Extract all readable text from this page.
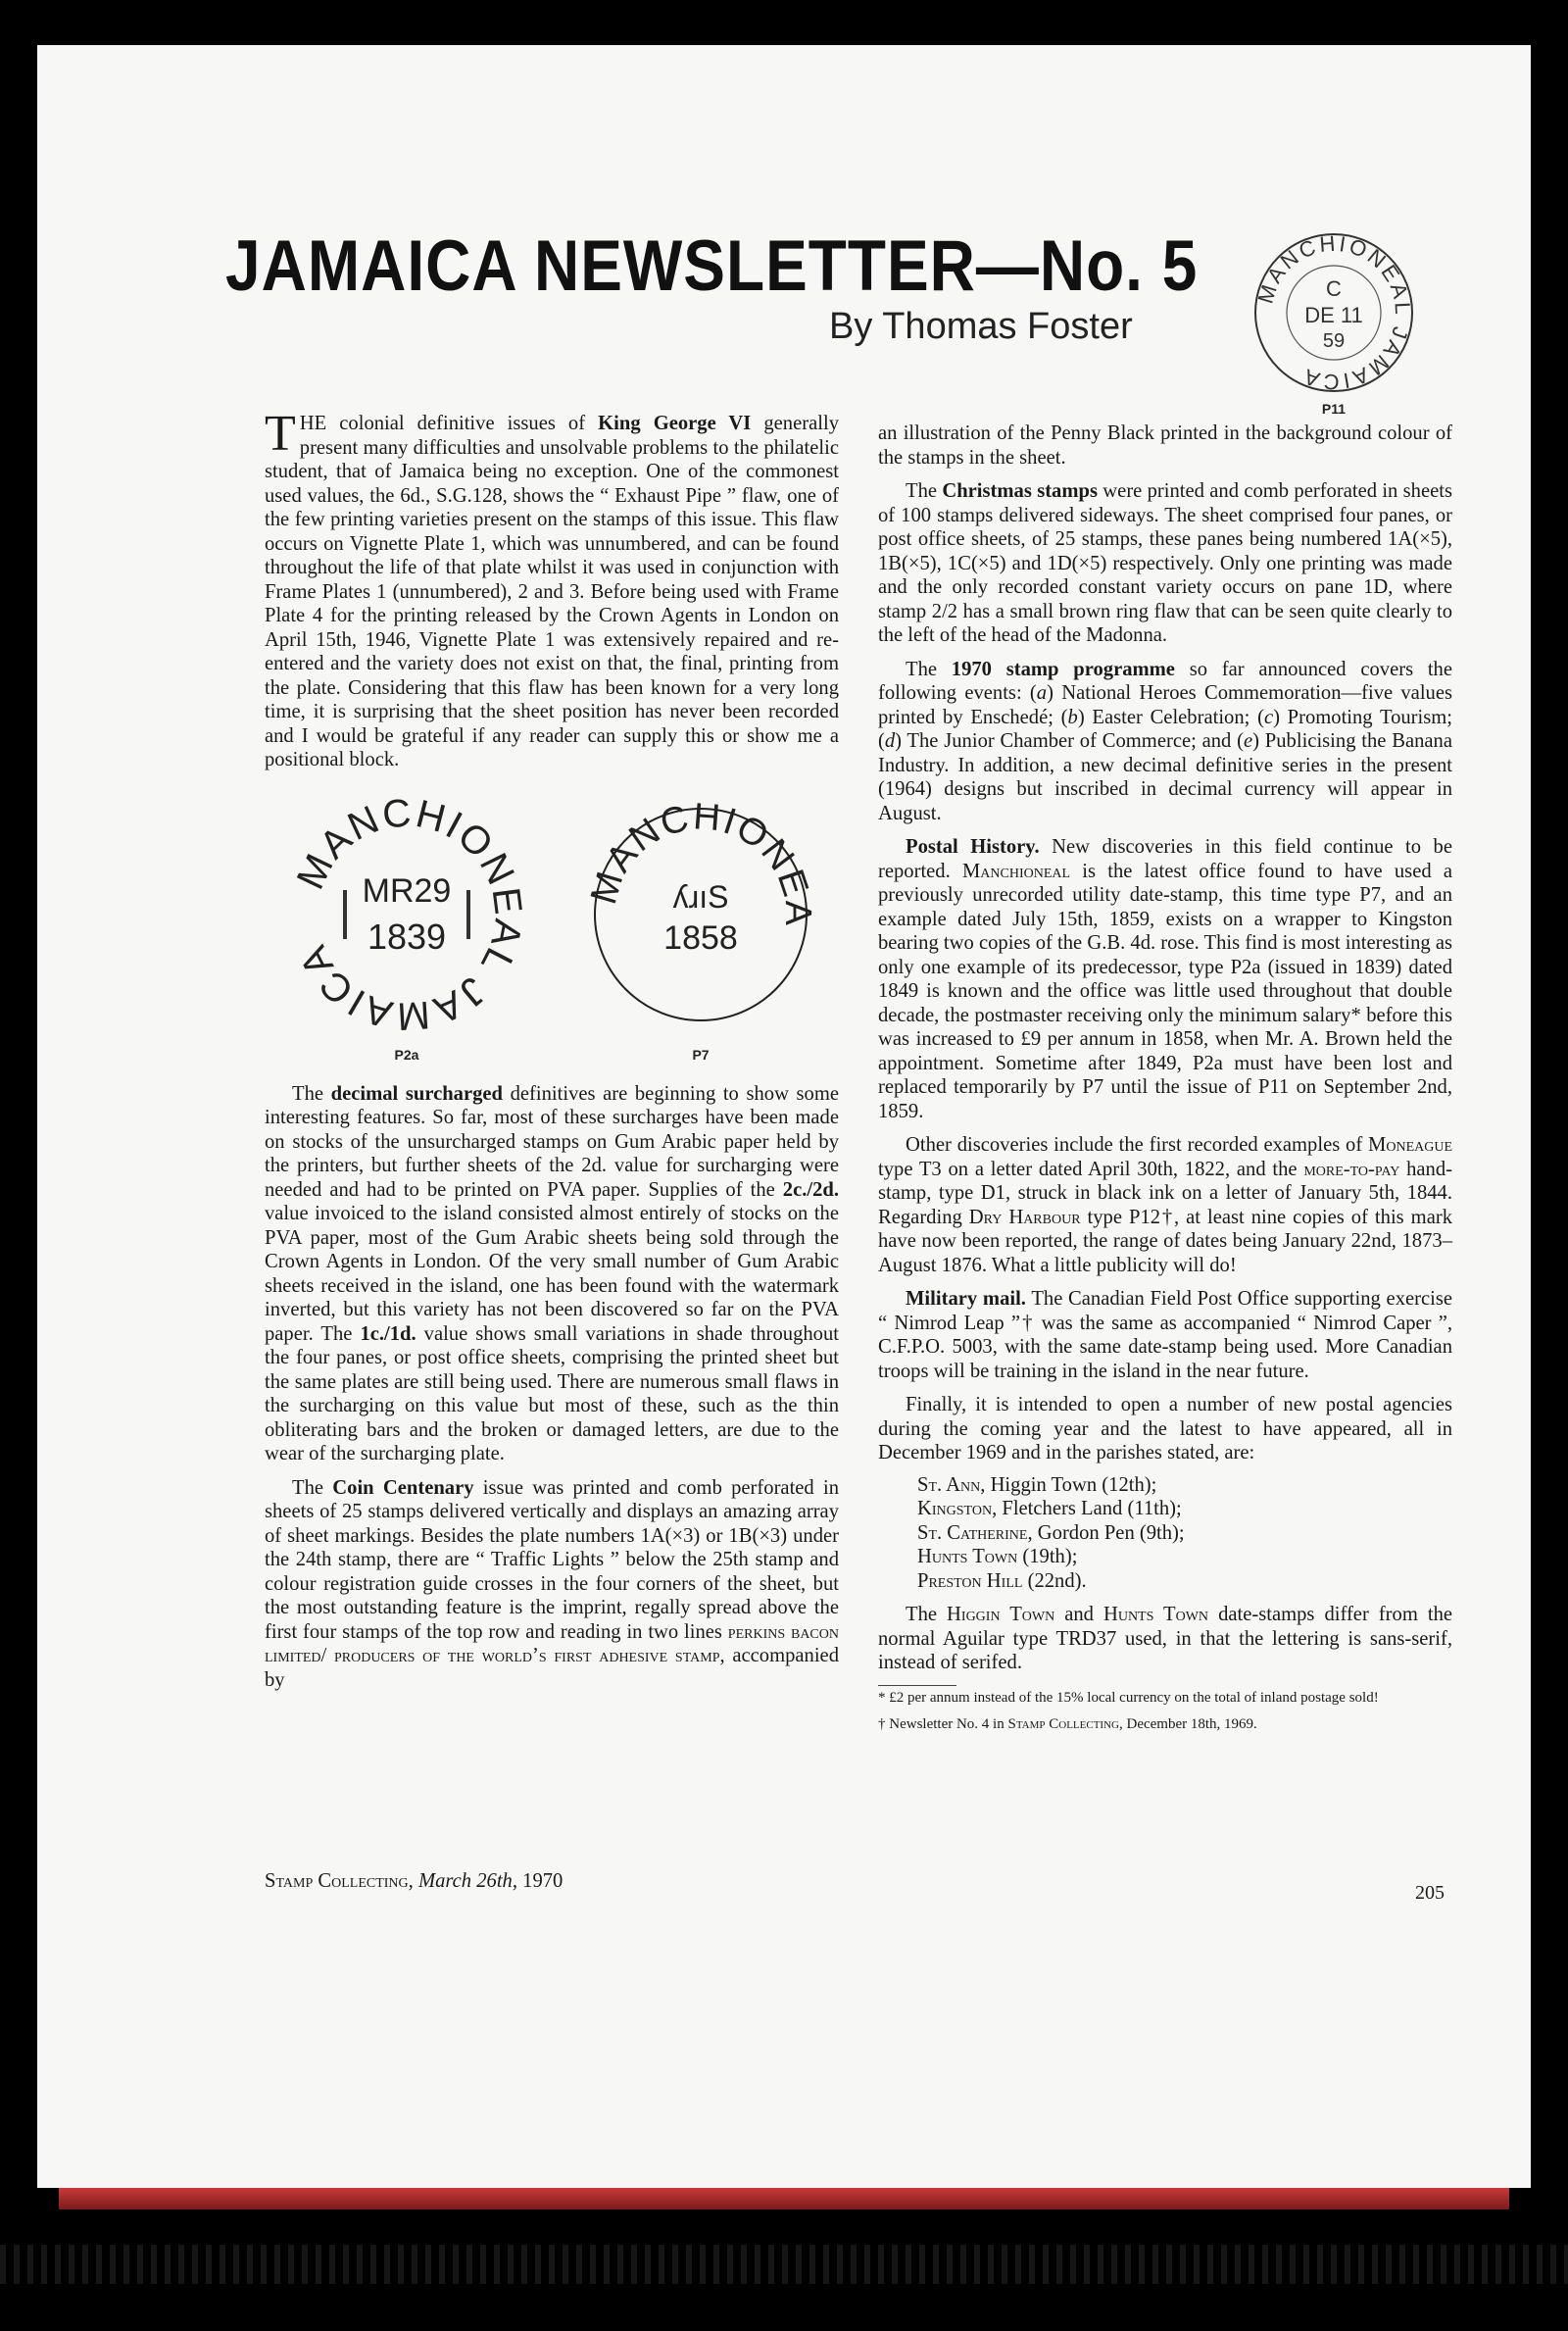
JAMAICA NEWSLETTER—No. 5
By Thomas Foster
MANCHIONEAL JAMAICA
C
DE 11
59
P11

THE colonial definitive issues of King George VI generally present many difficulties and unsolvable problems to the philatelic student, that of Jamaica being no exception. One of the commonest used values, the 6d., S.G.128, shows the “ Exhaust Pipe ” flaw, one of the few printing varieties present on the stamps of this issue. This flaw occurs on Vignette Plate 1, which was unnumbered, and can be found throughout the life of that plate whilst it was used in conjunction with Frame Plates 1 (unnumbered), 2 and 3. Before being used with Frame Plate 4 for the printing released by the Crown Agents in London on April 15th, 1946, Vignette Plate 1 was extensively repaired and re-entered and the variety does not exist on that, the final, printing from the plate. Considering that this flaw has been known for a very long time, it is surprising that the sheet position has never been recorded and I would be grateful if any reader can supply this or show me a positional block.

MANCHIONEAL JAMAICA
MR29
1839
P2a
MANCHIONEA
ʎɹıS
1858
P7

The decimal surcharged definitives are beginning to show some interesting features. So far, most of these surcharges have been made on stocks of the unsurcharged stamps on Gum Arabic paper held by the printers, but further sheets of the 2d. value for surcharging were needed and had to be printed on PVA paper. Supplies of the 2c./2d. value invoiced to the island consisted almost entirely of stocks on the PVA paper, most of the Gum Arabic sheets being sold through the Crown Agents in London. Of the very small number of Gum Arabic sheets received in the island, one has been found with the watermark inverted, but this variety has not been discovered so far on the PVA paper. The 1c./1d. value shows small variations in shade throughout the four panes, or post office sheets, comprising the printed sheet but the same plates are still being used. There are numerous small flaws in the surcharging on this value but most of these, such as the thin obliterating bars and the broken or damaged letters, are due to the wear of the surcharging plate.

The Coin Centenary issue was printed and comb perforated in sheets of 25 stamps delivered vertically and displays an amazing array of sheet markings. Besides the plate numbers 1A(×3) or 1B(×3) under the 24th stamp, there are “ Traffic Lights ” below the 25th stamp and colour registration guide crosses in the four corners of the sheet, but the most outstanding feature is the imprint, regally spread above the first four stamps of the top row and reading in two lines perkins bacon limited/ producers of the world’s first adhesive stamp, accompanied by

an illustration of the Penny Black printed in the background colour of the stamps in the sheet.

The Christmas stamps were printed and comb perforated in sheets of 100 stamps delivered sideways. The sheet comprised four panes, or post office sheets, of 25 stamps, these panes being numbered 1A(×5), 1B(×5), 1C(×5) and 1D(×5) respectively. Only one printing was made and the only recorded constant variety occurs on pane 1D, where stamp 2/2 has a small brown ring flaw that can be seen quite clearly to the left of the head of the Madonna.

The 1970 stamp programme so far announced covers the following events: (a) National Heroes Commemoration—five values printed by Enschedé; (b) Easter Celebration; (c) Promoting Tourism; (d) The Junior Chamber of Commerce; and (e) Publicising the Banana Industry. In addition, a new decimal definitive series in the present (1964) designs but inscribed in decimal currency will appear in August.

Postal History. New discoveries in this field continue to be reported. Manchioneal is the latest office found to have used a previously unrecorded utility date-stamp, this time type P7, and an example dated July 15th, 1859, exists on a wrapper to Kingston bearing two copies of the G.B. 4d. rose. This find is most interesting as only one example of its predecessor, type P2a (issued in 1839) dated 1849 is known and the office was little used throughout that double decade, the postmaster receiving only the minimum salary* before this was increased to £9 per annum in 1858, when Mr. A. Brown held the appointment. Sometime after 1849, P2a must have been lost and replaced temporarily by P7 until the issue of P11 on September 2nd, 1859.

Other discoveries include the first recorded examples of Moneague type T3 on a letter dated April 30th, 1822, and the more-to-pay hand-stamp, type D1, struck in black ink on a letter of January 5th, 1844. Regarding Dry Harbour type P12†, at least nine copies of this mark have now been reported, the range of dates being January 22nd, 1873–August 1876. What a little publicity will do!

Military mail. The Canadian Field Post Office supporting exercise “ Nimrod Leap ”† was the same as accompanied “ Nimrod Caper ”, C.F.P.O. 5003, with the same date-stamp being used. More Canadian troops will be training in the island in the near future.

Finally, it is intended to open a number of new postal agencies during the coming year and the latest to have appeared, all in December 1969 and in the parishes stated, are:

St. Ann, Higgin Town (12th);
Kingston, Fletchers Land (11th);
St. Catherine, Gordon Pen (9th);
Hunts Town (19th);
Preston Hill (22nd).

The Higgin Town and Hunts Town date-stamps differ from the normal Aguilar type TRD37 used, in that the lettering is sans-serif, instead of serifed.

* £2 per annum instead of the 15% local currency on the total of inland postage sold!

† Newsletter No. 4 in Stamp Collecting, December 18th, 1969.

Stamp Collecting, March 26th, 1970
205
